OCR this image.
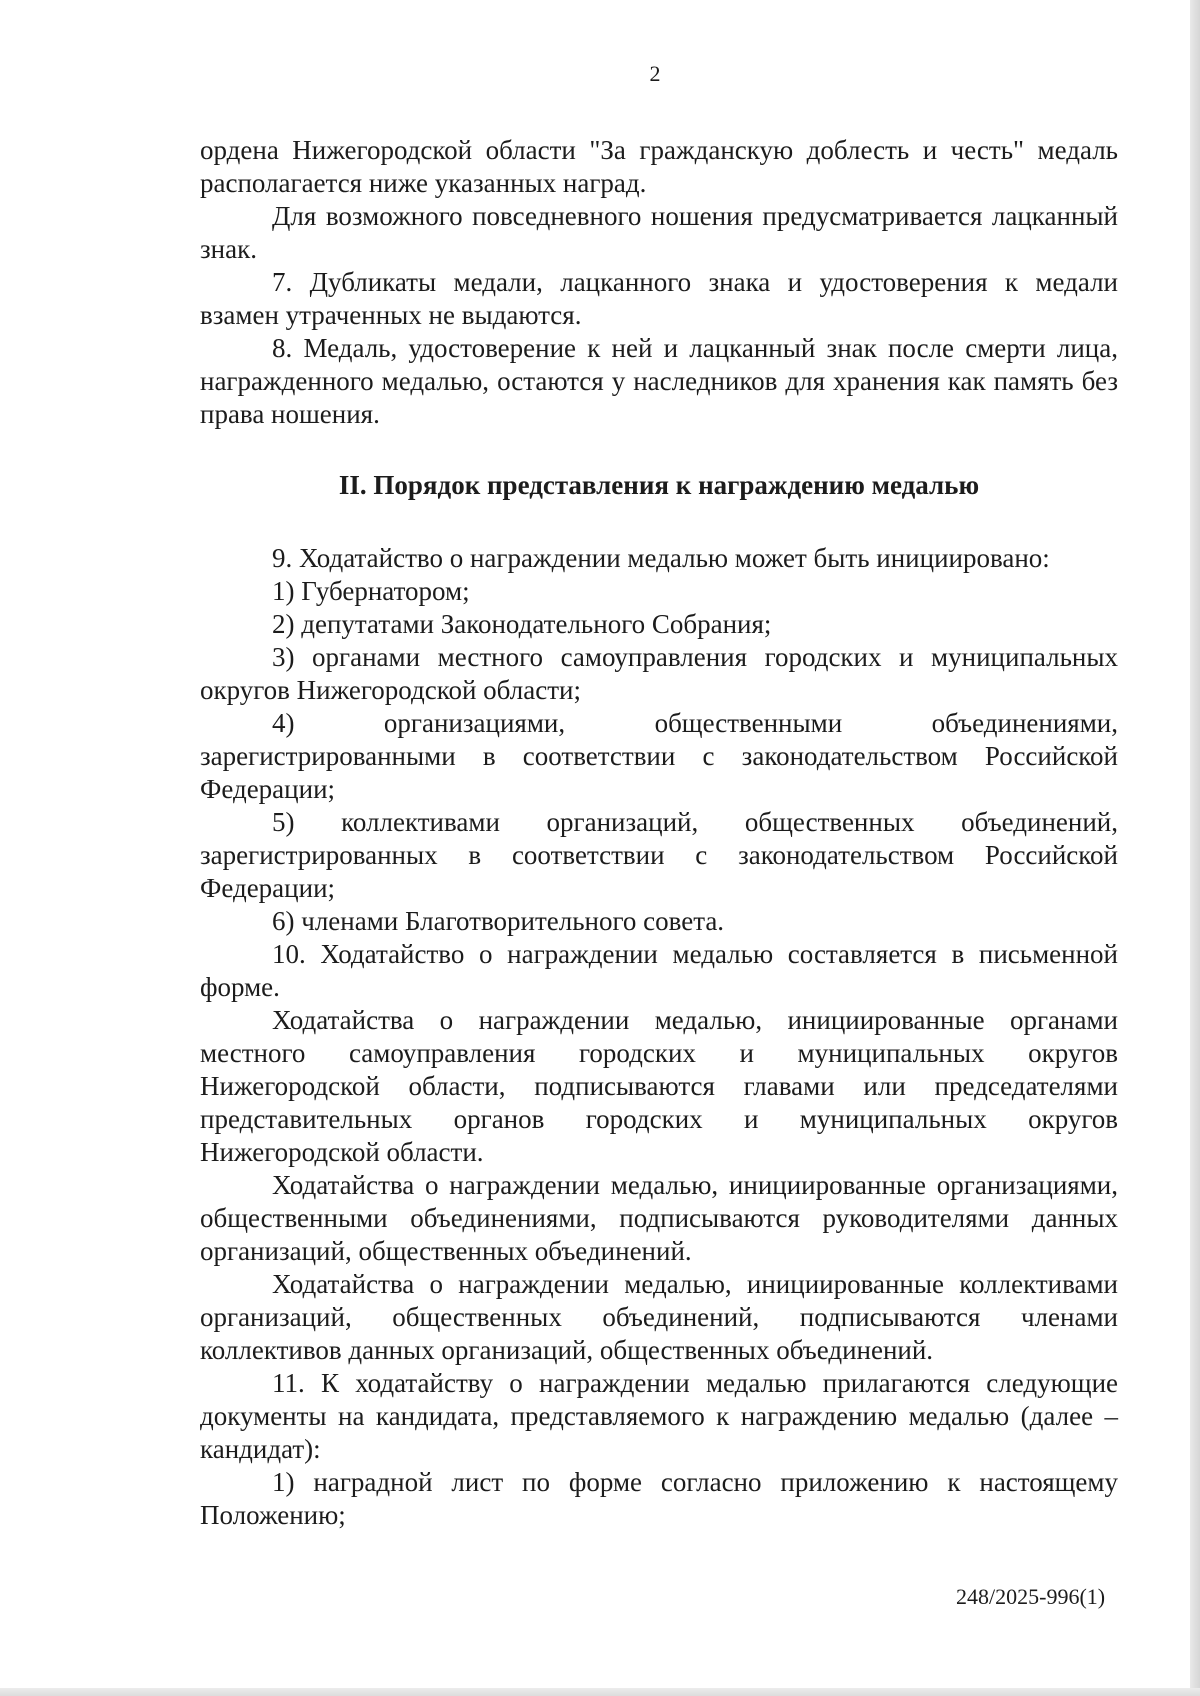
2

ордена Нижегородской области "За гражданскую доблесть и честь" медаль располагается ниже указанных наград.

Для возможного повседневного ношения предусматривается лацканный знак.

7. Дубликаты медали, лацканного знака и удостоверения к медали взамен утраченных не выдаются.

8. Медаль, удостоверение к ней и лацканный знак после смерти лица, награжденного медалью, остаются у наследников для хранения как память без права ношения.

II. Порядок представления к награждению медалью

9. Ходатайство о награждении медалью может быть инициировано:

1) Губернатором;

2) депутатами Законодательного Собрания;

3) органами местного самоуправления городских и муниципальных округов Нижегородской области;

4) организациями, общественными объединениями, зарегистрированными в соответствии с законодательством Российской Федерации;

5) коллективами организаций, общественных объединений, зарегистрированных в соответствии с законодательством Российской Федерации;

6) членами Благотворительного совета.

10. Ходатайство о награждении медалью составляется в письменной форме.

Ходатайства о награждении медалью, инициированные органами местного самоуправления городских и муниципальных округов Нижегородской области, подписываются главами или председателями представительных органов городских и муниципальных округов Нижегородской области.

Ходатайства о награждении медалью, инициированные организациями, общественными объединениями, подписываются руководителями данных организаций, общественных объединений.

Ходатайства о награждении медалью, инициированные коллективами организаций, общественных объединений, подписываются членами коллективов данных организаций, общественных объединений.

11. К ходатайству о награждении медалью прилагаются следующие документы на кандидата, представляемого к награждению медалью (далее – кандидат):

1) наградной лист по форме согласно приложению к настоящему Положению;

248/2025-996(1)
